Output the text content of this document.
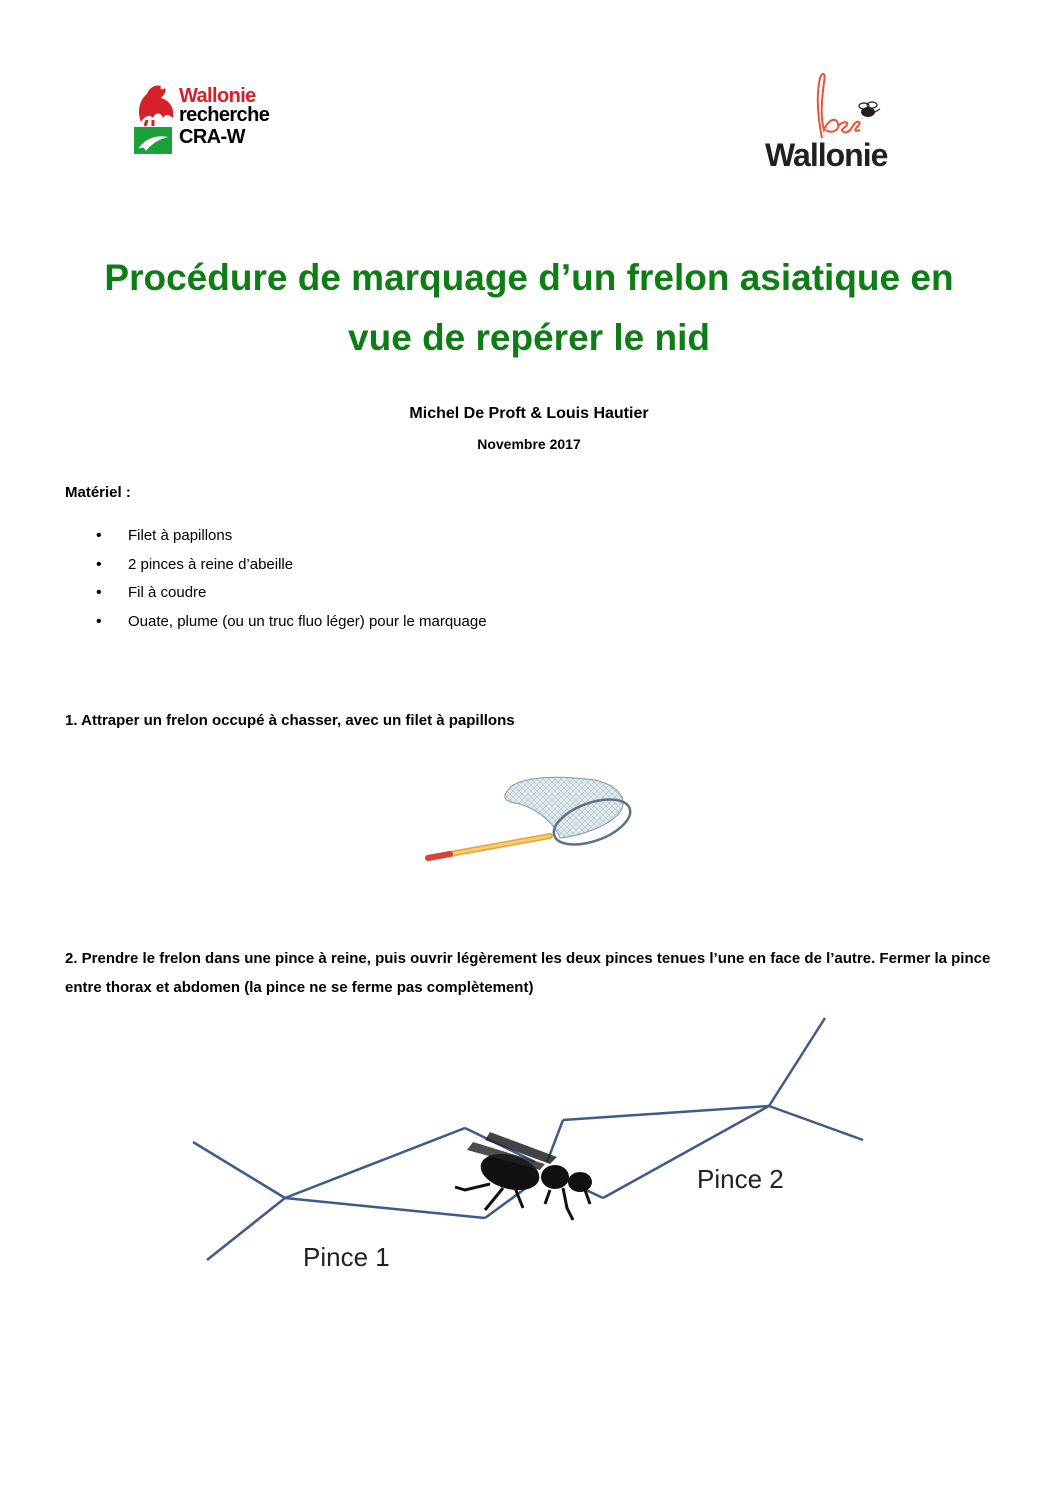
Wallonie
recherche
CRA-W	Wallonie
Procédure de marquage d’un frelon asiatique en
vue de repérer le nid
Michel De Proft & Louis Hautier
Novembre 2017
Matériel :
• Filet à papillons
• 2 pinces à reine d’abeille
• Fil à coudre
• Ouate, plume (ou un truc fluo léger) pour le marquage
1. Attraper un frelon occupé à chasser, avec un filet à papillons
2. Prendre le frelon dans une pince à reine, puis ouvrir légèrement les deux pinces tenues l’une en face de l’autre. Fermer la pince entre thorax et abdomen (la pince ne se ferme pas complètement)
Pince 1
Pince 2
